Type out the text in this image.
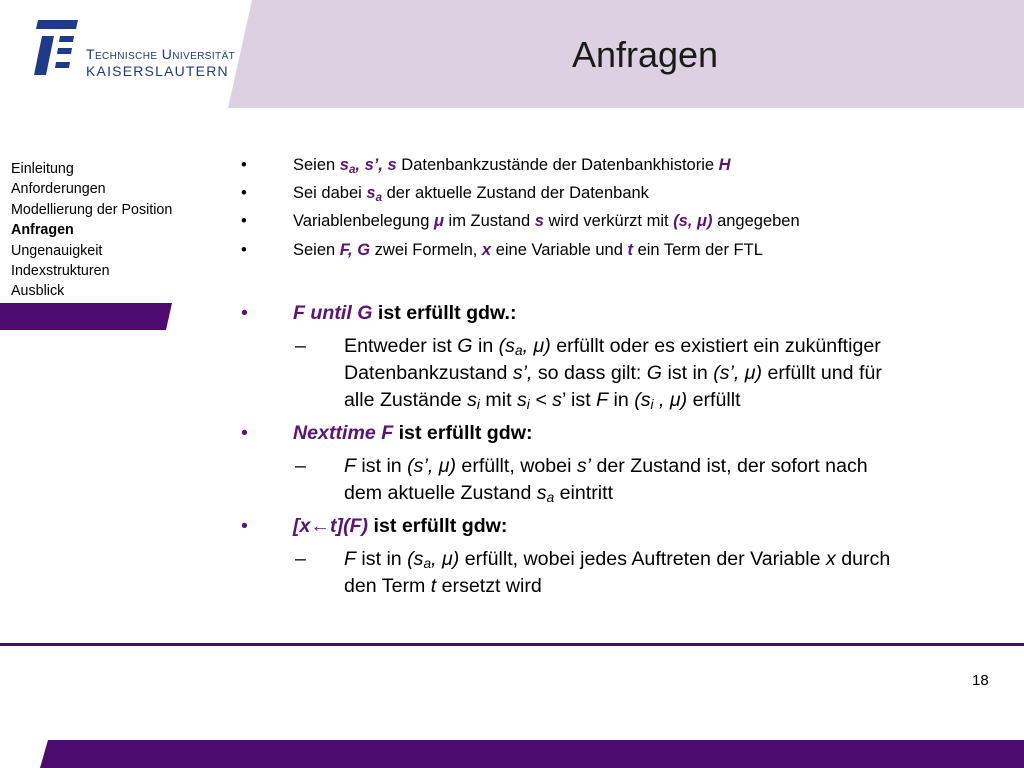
Technische Universität
KAISERSLAUTERN	Anfragen
Einleitung
Anforderungen
Modellierung der Position
Anfragen
Ungenauigkeit
Indexstrukturen
Ausblick
•	Seien $s_a$, s’, s Datenbankzustände der Datenbankhistorie H
•	Sei dabei $s_a$ der aktuelle Zustand der Datenbank
•	Variablenbelegung μ im Zustand s wird verkürzt mit (s, μ) angegeben
•	Seien F, G zwei Formeln, x eine Variable und t ein Term der FTL
• F until G ist erfüllt gdw.:
– Entweder ist G in ($s_a$, μ) erfüllt oder es existiert ein zukünftiger
Datenbankzustand s’, so dass gilt: G ist in (s’, μ) erfüllt und für
alle Zustände $s_i$ mit $s_i < s$’ ist F in ($s_i$ , μ) erfüllt
• Nexttime F ist erfüllt gdw:
– F ist in (s’, μ) erfüllt, wobei s’ der Zustand ist, der sofort nach
dem aktuelle Zustand $s_a$ eintritt
• [x←t](F) ist erfüllt gdw:
– F ist in ($s_a$, μ) erfüllt, wobei jedes Auftreten der Variable x durch
den Term t ersetzt wird
18
